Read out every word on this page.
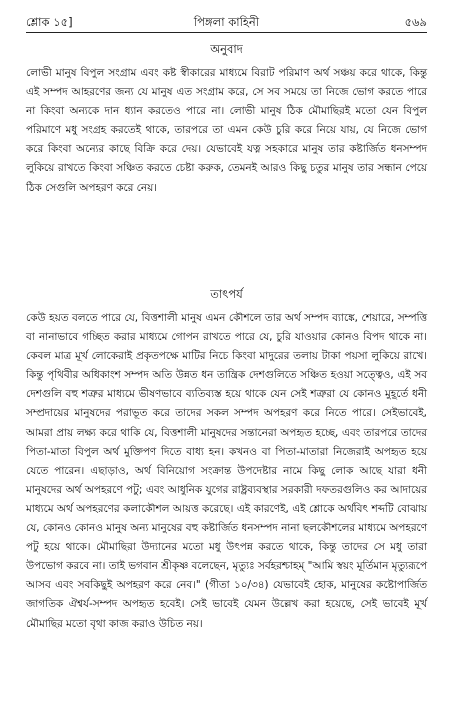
শ্লোক ১৫]	পিঙ্গলা কাহিনী	৫৬৯
অনুবাদ

লোভী মানুষ বিপুল সংগ্রাম এবং কষ্ট স্বীকারের মাধ্যমে বিরাট পরিমাণ অর্থ সঞ্চয় করে থাকে, কিন্তু এই সম্পদ আহরণের জন্য যে মানুষ এত সংগ্রাম করে, সে সব সময়ে তা নিজে ভোগ করতে পারে না কিংবা অন্যকে দান ধ্যান করতেও পারে না। লোভী মানুষ ঠিক মৌমাছিরই মতো যেন বিপুল পরিমাণে মধু সংগ্রহ করতেই থাকে, তারপরে তা এমন কেউ চুরি করে নিয়ে যায়, যে নিজে ভোগ করে কিংবা অন্যের কাছে বিক্রি করে দেয়। যেভাবেই যত্ন সহকারে মানুষ তার কষ্টার্জিত ধনসম্পদ লুকিয়ে রাখতে কিংবা সঞ্চিত করতে চেষ্টা করুক, তেমনই আরও কিছু চতুর মানুষ তার সন্ধান পেয়ে ঠিক সেগুলি অপহরণ করে নেয়।

তাৎপর্য

কেউ হয়ত বলতে পারে যে, বিত্তশালী মানুষ এমন কৌশলে তার অর্থ সম্পদ ব্যাঙ্কে, শেয়ারে, সম্পত্তি বা নানাভাবে গচ্ছিত করার মাধ্যমে গোপন রাখতে পারে যে, চুরি যাওয়ার কোনও বিপদ থাকে না। কেবল মাত্র মূর্খ লোকেরাই প্রকৃতপক্ষে মাটির নিচে কিংবা মাদুরের তলায় টাকা পয়সা লুকিয়ে রাখে। কিন্তু পৃথিবীর অধিকাংশ সম্পদ অতি উন্নত ধন তান্ত্রিক দেশগুলিতে সঞ্চিত হওয়া সত্ত্বেও, এই সব দেশগুলি বহু শত্রুর মাধ্যমে ভীষণভাবে ব্যতিব্যস্ত হয়ে থাকে যেন সেই শত্রুরা যে কোনও মুহূর্তে ধনী সম্প্রদায়ের মানুষদের পরাভূত করে তাদের সকল সম্পদ অপহরণ করে নিতে পারে। সেইভাবেই, আমরা প্রায় লক্ষ্য করে থাকি যে, বিত্তশালী মানুষদের সন্তানেরা অপহৃত হচ্ছে, এবং তারপরে তাদের পিতা-মাতা বিপুল অর্থ মুক্তিপণ দিতে বাধ্য হন। কখনও বা পিতা-মাতারা নিজেরাই অপহৃত হয়ে যেতে পারেন। এছাড়াও, অর্থ বিনিয়োগ সংক্রান্ত উপদেষ্টার নামে কিছু লোক আছে যারা ধনী মানুষদের অর্থ অপহরণে পটু; এবং আধুনিক যুগের রাষ্ট্রব্যবস্থার সরকারী দফতরগুলিও কর আদায়ের মাধ্যমে অর্থ অপহরণের কলাকৌশল আয়ত্ত করেছে। এই কারণেই, এই শ্লোকে অর্থবিৎ শব্দটি বোঝায় যে, কোনও কোনও মানুষ অন্য মানুষের বহু কষ্টার্জিত ধনসম্পদ নানা ছলকৌশলের মাধ্যমে অপহরণে পটু হয়ে থাকে। মৌমাছিরা উদ্যানের মতো মধু উৎপন্ন করতে থাকে, কিন্তু তাদের সে মধু তারা উপভোগ করবে না। তাই ভগবান শ্রীকৃষ্ণ বলেছেন, মৃত্যুঃ সর্বহরশ্চাহম্ "আমি স্বয়ং মূর্তিমান মৃত্যুরূপে আসব এবং সবকিছুই অপহরণ করে নেব।" (গীতা ১০/৩৪) যেভাবেই হোক, মানুষের কষ্টোপার্জিত জাগতিক ঐশ্বর্য-সম্পদ অপহৃত হবেই। সেই ভাবেই যেমন উল্লেখ করা হয়েছে, সেই ভাবেই মূর্খ মৌমাছির মতো বৃথা কাজ করাও উচিত নয়।
